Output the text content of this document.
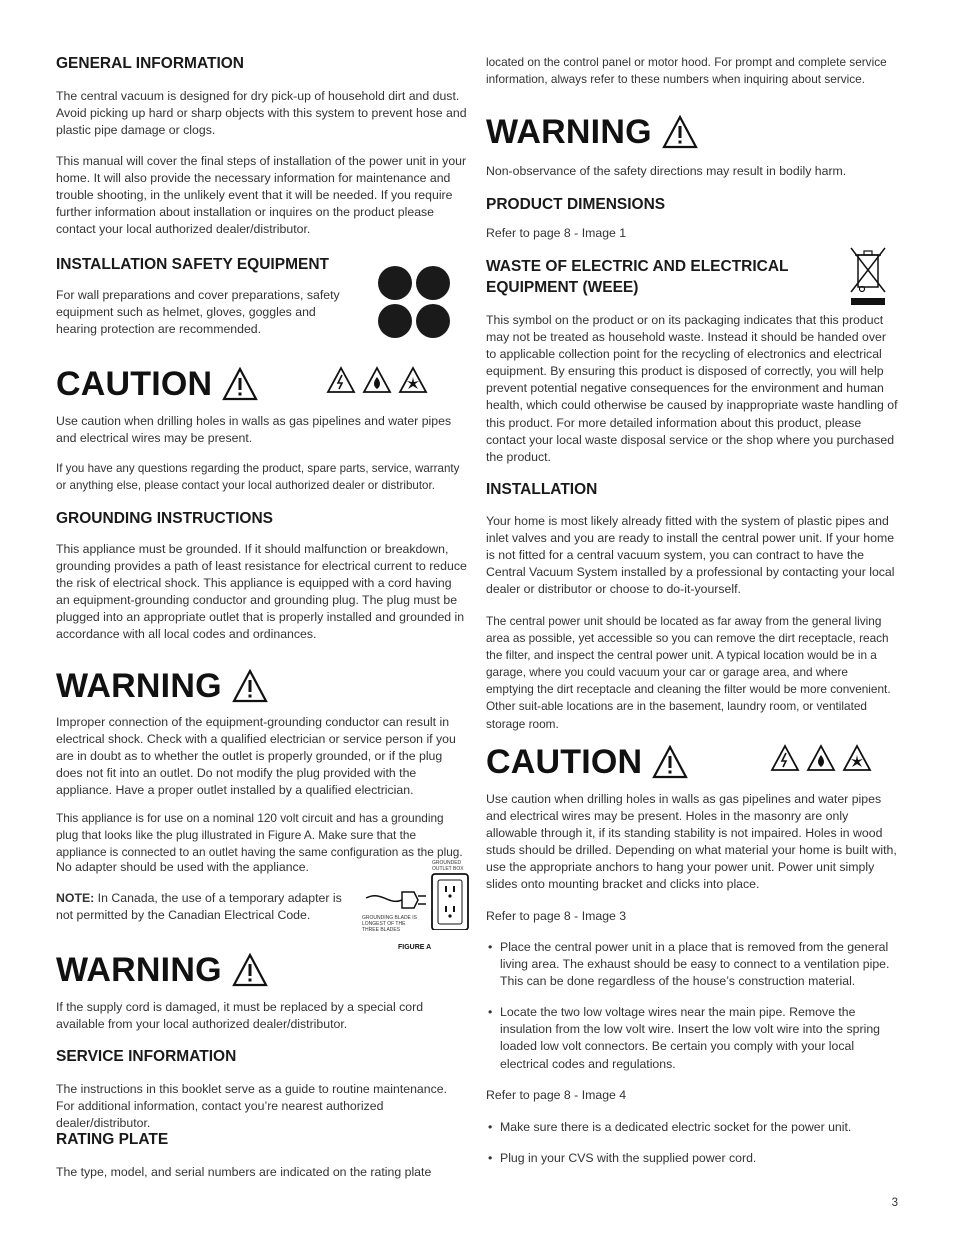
GENERAL INFORMATION

The central vacuum is designed for dry pick-up of household dirt and dust. Avoid picking up hard or sharp objects with this system to prevent hose and plastic pipe damage or clogs.

This manual will cover the final steps of installation of the power unit in your home. It will also provide the necessary information for maintenance and trouble shooting, in the unlikely event that it will be needed. If you require further information about installation or inquires on the product please contact your local authorized dealer/distributor.

INSTALLATION SAFETY EQUIPMENT

For wall preparations and cover preparations, safety equipment such as helmet, gloves, goggles and hearing protection are recommended.

CAUTION

Use caution when drilling holes in walls as gas pipelines and water pipes and electrical wires may be present.

If you have any questions regarding the product, spare parts, service, warranty or anything else, please contact your local authorized dealer or distributor.

GROUNDING INSTRUCTIONS

This appliance must be grounded. If it should malfunction or breakdown, grounding provides a path of least resistance for electrical current to reduce the risk of electrical shock. This appliance is equipped with a cord having an equipment-grounding conductor and grounding plug. The plug must be plugged into an appropriate outlet that is properly installed and grounded in accordance with all local codes and ordinances.

WARNING

Improper connection of the equipment-grounding conductor can result in electrical shock. Check with a qualified electrician or service person if you are in doubt as to whether the outlet is properly grounded, or if the plug does not fit into an outlet. Do not modify the plug provided with the appliance. Have a proper outlet installed by a qualified electrician.

This appliance is for use on a nominal 120 volt circuit and has a grounding plug that looks like the plug illustrated in Figure A. Make sure that the appliance is connected to an outlet having the same configuration as the plug.

No adapter should be used with the appliance.

NOTE: In Canada, the use of a temporary adapter is not permitted by the Canadian Electrical Code.

GROUNDED OUTLET BOX
GROUNDING BLADE IS LONGEST OF THE THREE BLADES
FIGURE A
WARNING

If the supply cord is damaged, it must be replaced by a special cord available from your local authorized dealer/distributor.

SERVICE INFORMATION

The instructions in this booklet serve as a guide to routine maintenance. For additional information, contact you’re nearest authorized dealer/distributor.

RATING PLATE

The type, model, and serial numbers are indicated on the rating plate

located on the control panel or motor hood. For prompt and complete service information, always refer to these numbers when inquiring about service.

WARNING

Non-observance of the safety directions may result in bodily harm.

PRODUCT DIMENSIONS

Refer to page 8 - Image 1

WASTE OF ELECTRIC AND ELECTRICAL EQUIPMENT (WEEE)

This symbol on the product or on its packaging indicates that this product may not be treated as household waste. Instead it should be handed over to applicable collection point for the recycling of electronics and electrical equipment. By ensuring this product is disposed of correctly, you will help prevent potential negative consequences for the environment and human health, which could otherwise be caused by inappropriate waste handling of this product. For more detailed information about this product, please contact your local waste disposal service or the shop where you purchased the product.

INSTALLATION

Your home is most likely already fitted with the system of plastic pipes and inlet valves and you are ready to install the central power unit. If your home is not fitted for a central vacuum system, you can contract to have the Central Vacuum System installed by a professional by contacting your local dealer or distributor or choose to do-it-yourself.

The central power unit should be located as far away from the general living area as possible, yet accessible so you can remove the dirt receptacle, reach the filter, and inspect the central power unit. A typical location would be in a garage, where you could vacuum your car or garage area, and where emptying the dirt receptacle and cleaning the filter would be more convenient. Other suit-able locations are in the basement, laundry room, or ventilated storage room.

CAUTION

Use caution when drilling holes in walls as gas pipelines and water pipes and electrical wires may be present. Holes in the masonry are only allowable through it, if its standing stability is not impaired. Holes in wood studs should be drilled. Depending on what material your home is built with, use the appropriate anchors to hang your power unit. Power unit simply slides onto mounting bracket and clicks into place.

Refer to page 8 - Image 3

• Place the central power unit in a place that is removed from the general living area. The exhaust should be easy to connect to a ventilation pipe. This can be done regardless of the house’s construction material.
• Locate the two low voltage wires near the main pipe. Remove the insulation from the low volt wire. Insert the low volt wire into the spring loaded low volt connectors. Be certain you comply with your local electrical codes and regulations.

Refer to page 8 - Image 4

• Make sure there is a dedicated electric socket for the power unit.
• Plug in your CVS with the supplied power cord.
3
